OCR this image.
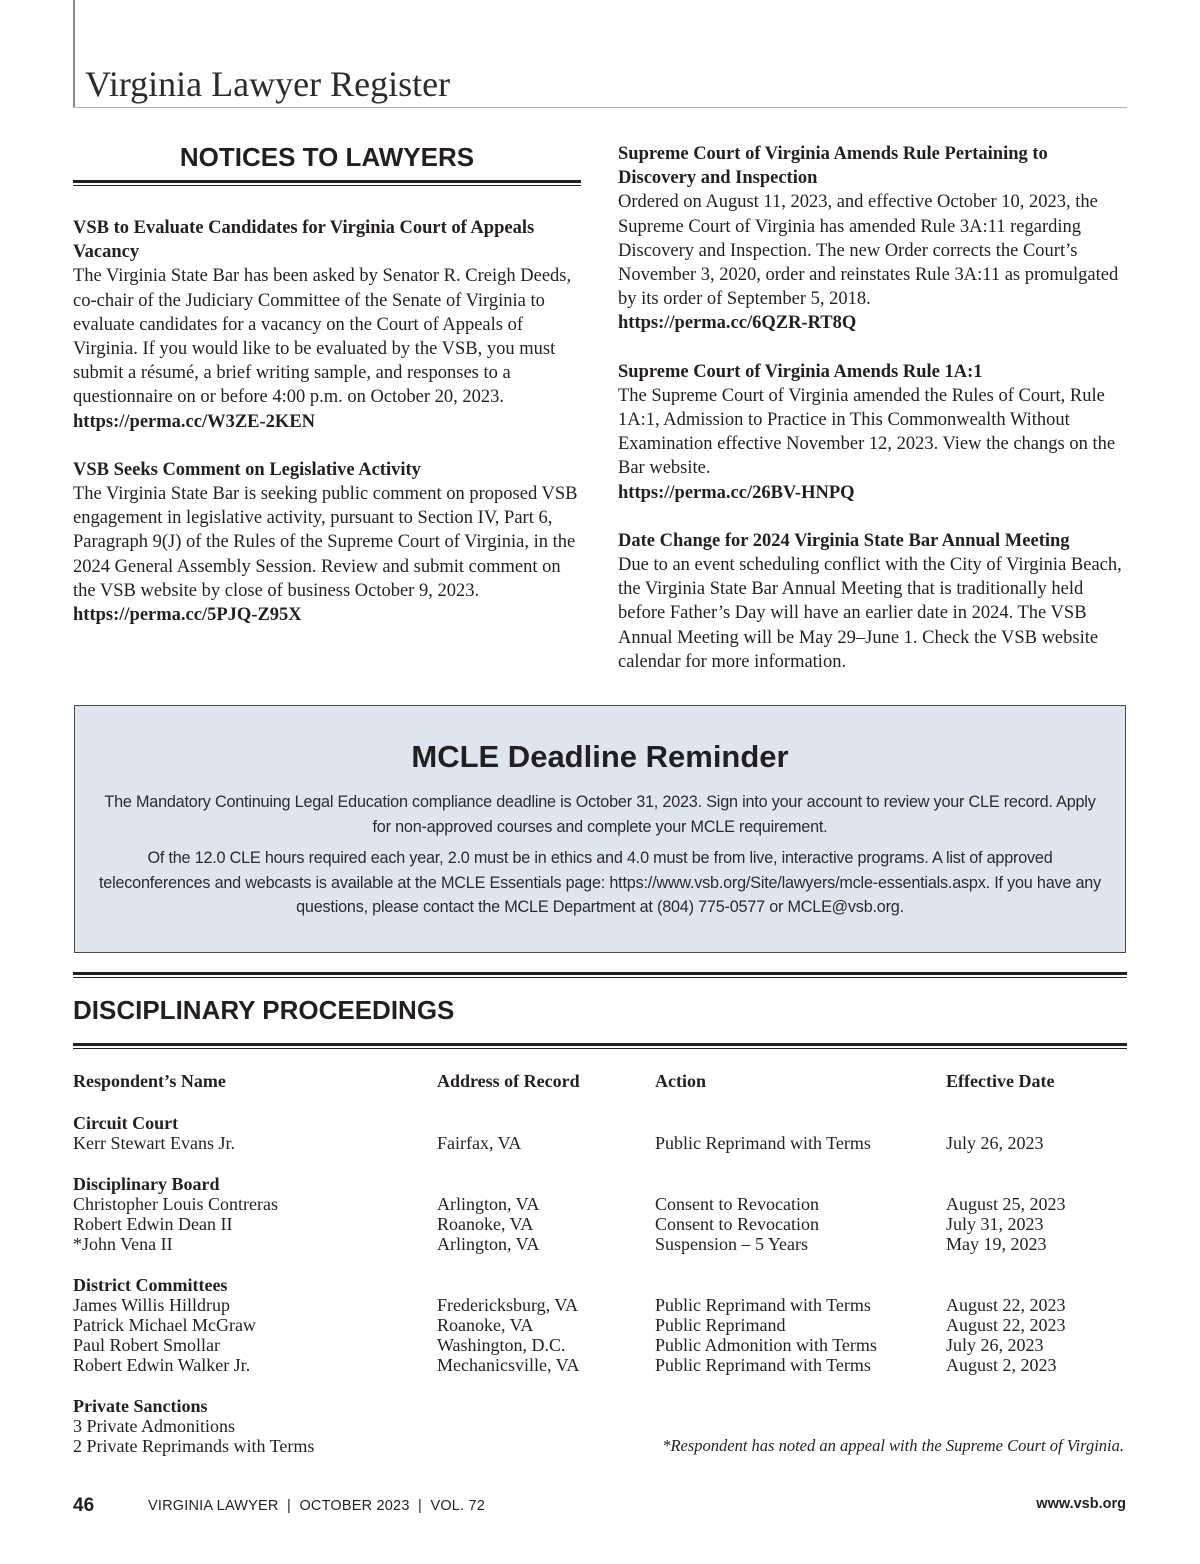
Virginia Lawyer Register
NOTICES TO LAWYERS
VSB to Evaluate Candidates for Virginia Court of Appeals Vacancy
The Virginia State Bar has been asked by Senator R. Creigh Deeds, co-chair of the Judiciary Committee of the Senate of Virginia to evaluate candidates for a vacancy on the Court of Appeals of Virginia. If you would like to be evaluated by the VSB, you must submit a résumé, a brief writing sample, and responses to a questionnaire on or before 4:00 p.m. on October 20, 2023.
https://perma.cc/W3ZE-2KEN
VSB Seeks Comment on Legislative Activity
The Virginia State Bar is seeking public comment on proposed VSB engagement in legislative activity, pursuant to Section IV, Part 6, Paragraph 9(J) of the Rules of the Supreme Court of Virginia, in the 2024 General Assembly Session. Review and submit comment on the VSB website by close of business October 9, 2023.
https://perma.cc/5PJQ-Z95X
Supreme Court of Virginia Amends Rule Pertaining to Discovery and Inspection
Ordered on August 11, 2023, and effective October 10, 2023, the Supreme Court of Virginia has amended Rule 3A:11 regarding Discovery and Inspection. The new Order corrects the Court’s November 3, 2020, order and reinstates Rule 3A:11 as promulgated by its order of September 5, 2018.
https://perma.cc/6QZR-RT8Q
Supreme Court of Virginia Amends Rule 1A:1
The Supreme Court of Virginia amended the Rules of Court, Rule 1A:1, Admission to Practice in This Commonwealth Without Examination effective November 12, 2023. View the changs on the Bar website.
https://perma.cc/26BV-HNPQ
Date Change for 2024 Virginia State Bar Annual Meeting
Due to an event scheduling conflict with the City of Virginia Beach, the Virginia State Bar Annual Meeting that is traditionally held before Father’s Day will have an earlier date in 2024. The VSB Annual Meeting will be May 29–June 1. Check the VSB website calendar for more information.
MCLE Deadline Reminder

The Mandatory Continuing Legal Education compliance deadline is October 31, 2023. Sign into your account to review your CLE record. Apply for non-approved courses and complete your MCLE requirement.

Of the 12.0 CLE hours required each year, 2.0 must be in ethics and 4.0 must be from live, interactive programs. A list of approved teleconferences and webcasts is available at the MCLE Essentials page: https://www.vsb.org/Site/lawyers/mcle-essentials.aspx. If you have any questions, please contact the MCLE Department at (804) 775-0577 or MCLE@vsb.org.

DISCIPLINARY PROCEEDINGS
Respondent’s Name	Address of Record	Action	Effective Date
Circuit Court
Kerr Stewart Evans Jr.	Fairfax, VA	Public Reprimand with Terms	July 26, 2023
Disciplinary Board
Christopher Louis Contreras	Arlington, VA	Consent to Revocation	August 25, 2023
Robert Edwin Dean II	Roanoke, VA	Consent to Revocation	July 31, 2023
*John Vena II	Arlington, VA	Suspension – 5 Years	May 19, 2023
District Committees
James Willis Hilldrup	Fredericksburg, VA	Public Reprimand with Terms	August 22, 2023
Patrick Michael McGraw	Roanoke, VA	Public Reprimand	August 22, 2023
Paul Robert Smollar	Washington, D.C.	Public Admonition with Terms	July 26, 2023
Robert Edwin Walker Jr.	Mechanicsville, VA	Public Reprimand with Terms	August 2, 2023
Private Sanctions
3 Private Admonitions
2 Private Reprimands with Terms	*Respondent has noted an appeal with the Supreme Court of Virginia.
46	VIRGINIA LAWYER  |  OCTOBER 2023  |  VOL. 72	www.vsb.org
